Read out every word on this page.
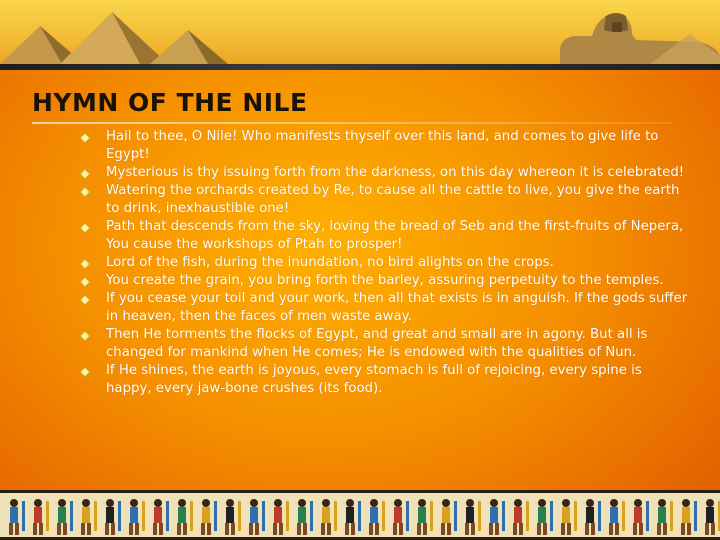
HYMN OF THE NILE
Hail to thee, O Nile! Who manifests thyself over this land, and comes to give life to Egypt!
Mysterious is thy issuing forth from the darkness, on this day whereon it is celebrated!
Watering the orchards created by Re, to cause all the cattle to live, you give the earth to drink, inexhaustible one!
Path that descends from the sky, loving the bread of Seb and the first-fruits of Nepera, You cause the workshops of Ptah to prosper!
Lord of the fish, during the inundation, no bird alights on the crops.
You create the grain, you bring forth the barley, assuring perpetuity to the temples.
If you cease your toil and your work, then all that exists is in anguish. If the gods suffer in heaven, then the faces of men waste away.
Then He torments the flocks of Egypt, and great and small are in agony. But all is changed for mankind when He comes; He is endowed with the qualities of Nun.
If He shines, the earth is joyous, every stomach is full of rejoicing, every spine is happy, every jaw-bone crushes (its food).
